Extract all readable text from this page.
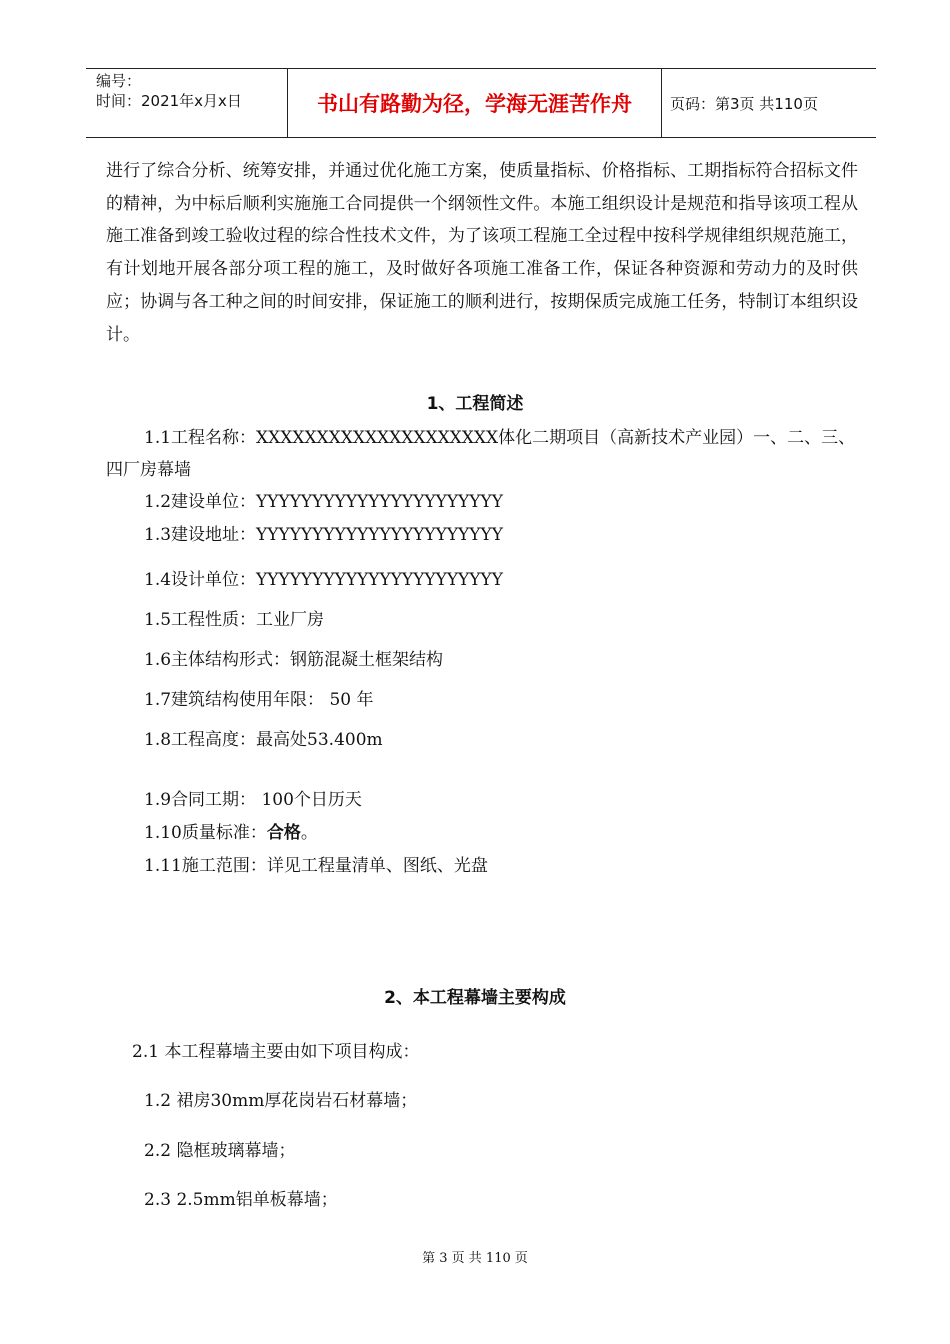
编号：
时间：2021年x月x日	书山有路勤为径，学海无涯苦作舟	页码：第3页 共110页
进行了综合分析、统筹安排，并通过优化施工方案，使质量指标、价格指标、工期指标符合招标文件的精神，为中标后顺利实施施工合同提供一个纲领性文件。本施工组织设计是规范和指导该项工程从施工准备到竣工验收过程的综合性技术文件，为了该项工程施工全过程中按科学规律组织规范施工，有计划地开展各部分项工程的施工，及时做好各项施工准备工作，保证各种资源和劳动力的及时供应；协调与各工种之间的时间安排，保证施工的顺利进行，按期保质完成施工任务，特制订本组织设计。
1、工程简述
1.1工程名称：XXXXXXXXXXXXXXXXXXXX体化二期项目（高新技术产业园）一、二、三、
四厂房幕墙
1.2建设单位：YYYYYYYYYYYYYYYYYYYYYY
1.3建设地址：YYYYYYYYYYYYYYYYYYYYYY
1.4设计单位：YYYYYYYYYYYYYYYYYYYYYY
1.5工程性质：工业厂房
1.6主体结构形式：钢筋混凝土框架结构
1.7建筑结构使用年限： 50 年
1.8工程高度：最高处53.400m
1.9合同工期： 100个日历天
1.10质量标准：合格。
1.11施工范围：详见工程量清单、图纸、光盘
2、本工程幕墙主要构成
2.1 本工程幕墙主要由如下项目构成：
1.2 裙房30mm厚花岗岩石材幕墙；
2.2 隐框玻璃幕墙；
2.3 2.5mm铝单板幕墙；
第 3 页 共 110 页
